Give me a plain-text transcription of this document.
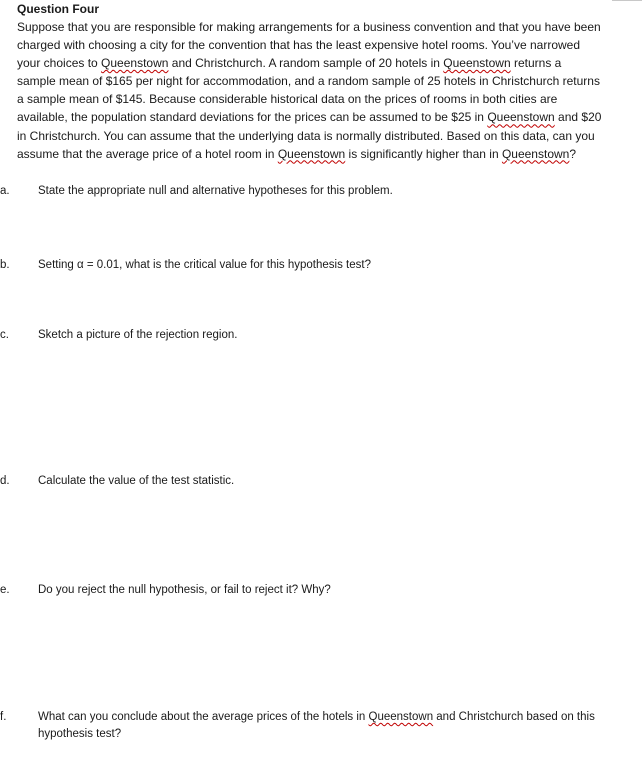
Question Four

Suppose that you are responsible for making arrangements for a business convention and that you have been charged with choosing a city for the convention that has the least expensive hotel rooms. You’ve narrowed your choices to Queenstown and Christchurch. A random sample of 20 hotels in Queenstown returns a sample mean of $165 per night for accommodation, and a random sample of 25 hotels in Christchurch returns a sample mean of $145. Because considerable historical data on the prices of rooms in both cities are available, the population standard deviations for the prices can be assumed to be $25 in Queenstown and $20 in Christchurch. You can assume that the underlying data is normally distributed. Based on this data, can you assume that the average price of a hotel room in Queenstown is significantly higher than in Queenstown?

a.	State the appropriate null and alternative hypotheses for this problem.
b.	Setting α = 0.01, what is the critical value for this hypothesis test?
c.	Sketch a picture of the rejection region.
d.	Calculate the value of the test statistic.
e.	Do you reject the null hypothesis, or fail to reject it? Why?
f.	What can you conclude about the average prices of the hotels in Queenstown and Christchurch based on this hypothesis test?
